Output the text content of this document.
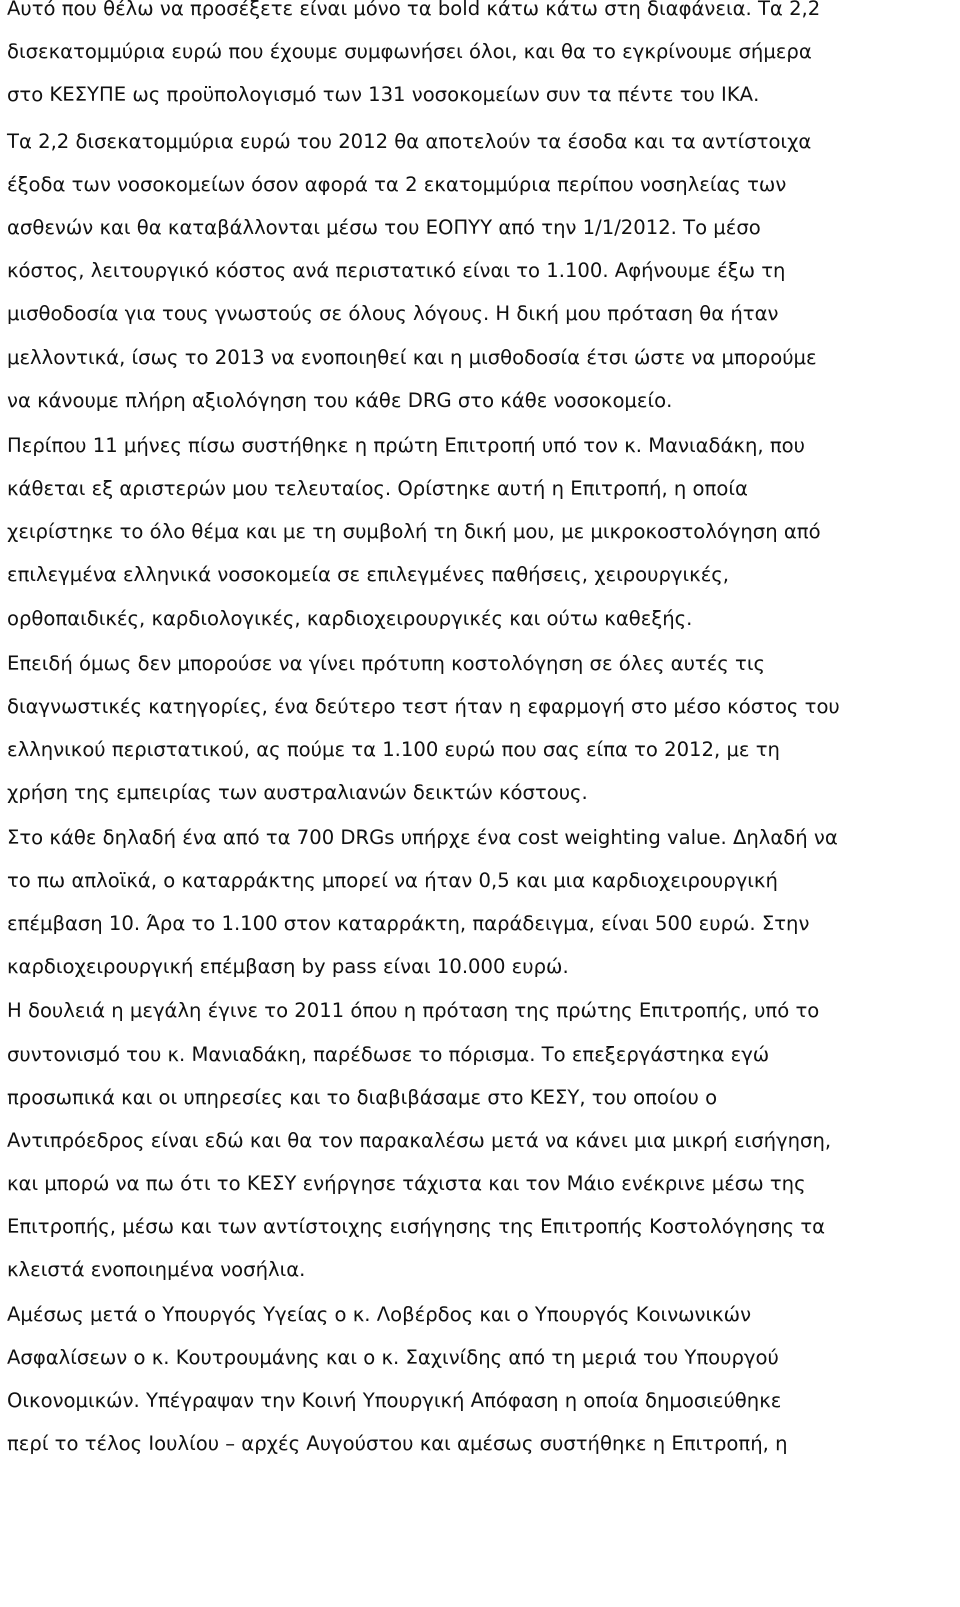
Αυτό που θέλω να προσέξετε είναι μόνο τα bold κάτω κάτω στη διαφάνεια. Τα 2,2
δισεκατομμύρια ευρώ που έχουμε συμφωνήσει όλοι, και θα το εγκρίνουμε σήμερα
στο ΚΕΣΥΠΕ ως προϋπολογισμό των 131 νοσοκομείων συν τα πέντε του ΙΚΑ.

Τα 2,2 δισεκατομμύρια ευρώ του 2012 θα αποτελούν τα έσοδα και τα αντίστοιχα
έξοδα των νοσοκομείων όσον αφορά τα 2 εκατομμύρια περίπου νοσηλείας των
ασθενών και θα καταβάλλονται μέσω του ΕΟΠΥΥ από την 1/1/2012. Το μέσο
κόστος, λειτουργικό κόστος ανά περιστατικό είναι το 1.100. Αφήνουμε έξω τη
μισθοδοσία για τους γνωστούς σε όλους λόγους. Η δική μου πρόταση θα ήταν
μελλοντικά, ίσως το 2013 να ενοποιηθεί και η μισθοδοσία έτσι ώστε να μπορούμε
να κάνουμε πλήρη αξιολόγηση του κάθε DRG στο κάθε νοσοκομείο.

Περίπου 11 μήνες πίσω συστήθηκε η πρώτη Επιτροπή υπό τον κ. Μανιαδάκη, που
κάθεται εξ αριστερών μου τελευταίος. Ορίστηκε αυτή η Επιτροπή, η οποία
χειρίστηκε το όλο θέμα και με τη συμβολή τη δική μου, με μικροκοστολόγηση από
επιλεγμένα ελληνικά νοσοκομεία σε επιλεγμένες παθήσεις, χειρουργικές,
ορθοπαιδικές, καρδιολογικές, καρδιοχειρουργικές και ούτω καθεξής.

Επειδή όμως δεν μπορούσε να γίνει πρότυπη κοστολόγηση σε όλες αυτές τις
διαγνωστικές κατηγορίες, ένα δεύτερο τεστ ήταν η εφαρμογή στο μέσο κόστος του
ελληνικού περιστατικού, ας πούμε τα 1.100 ευρώ που σας είπα το 2012, με τη
χρήση της εμπειρίας των αυστραλιανών δεικτών κόστους.

Στο κάθε δηλαδή ένα από τα 700 DRGs υπήρχε ένα cost weighting value. Δηλαδή να
το πω απλοϊκά, ο καταρράκτης μπορεί να ήταν 0,5 και μια καρδιοχειρουργική
επέμβαση 10. Άρα το 1.100 στον καταρράκτη, παράδειγμα, είναι 500 ευρώ. Στην
καρδιοχειρουργική επέμβαση by pass είναι 10.000 ευρώ.

Η δουλειά η μεγάλη έγινε το 2011 όπου η πρόταση της πρώτης Επιτροπής, υπό το
συντονισμό του κ. Μανιαδάκη, παρέδωσε το πόρισμα. Το επεξεργάστηκα εγώ
προσωπικά και οι υπηρεσίες και το διαβιβάσαμε στο ΚΕΣΥ, του οποίου ο
Αντιπρόεδρος είναι εδώ και θα τον παρακαλέσω μετά να κάνει μια μικρή εισήγηση,
και μπορώ να πω ότι το ΚΕΣΥ ενήργησε τάχιστα και τον Μάιο ενέκρινε μέσω της
Επιτροπής, μέσω και των αντίστοιχης εισήγησης της Επιτροπής Κοστολόγησης τα
κλειστά ενοποιημένα νοσήλια.

Αμέσως μετά ο Υπουργός Υγείας ο κ. Λοβέρδος και ο Υπουργός Κοινωνικών
Ασφαλίσεων ο κ. Κουτρουμάνης και ο κ. Σαχινίδης από τη μεριά του Υπουργού
Οικονομικών. Υπέγραψαν την Κοινή Υπουργική Απόφαση η οποία δημοσιεύθηκε
περί το τέλος Ιουλίου – αρχές Αυγούστου και αμέσως συστήθηκε η Επιτροπή, η
